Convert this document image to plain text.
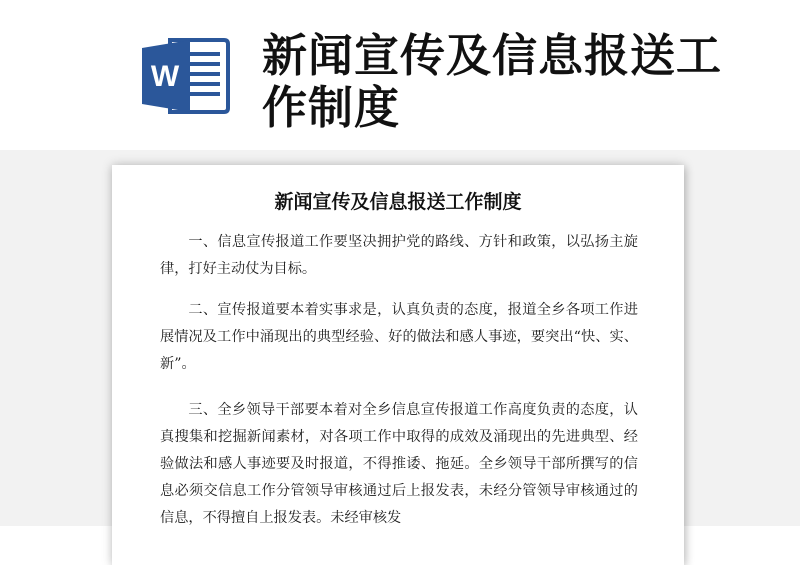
W 新闻宣传及信息报送工作制度
新闻宣传及信息报送工作制度

一、信息宣传报道工作要坚决拥护党的路线、方针和政策，以弘扬主旋律，打好主动仗为目标。

二、宣传报道要本着实事求是，认真负责的态度，报道全乡各项工作进展情况及工作中涌现出的典型经验、好的做法和感人事迹，要突出“快、实、新”。

三、全乡领导干部要本着对全乡信息宣传报道工作高度负责的态度，认真搜集和挖掘新闻素材，对各项工作中取得的成效及涌现出的先进典型、经验做法和感人事迹要及时报道，不得推诿、拖延。全乡领导干部所撰写的信息必须交信息工作分管领导审核通过后上报发表，未经分管领导审核通过的信息，不得擅自上报发表。未经审核发
